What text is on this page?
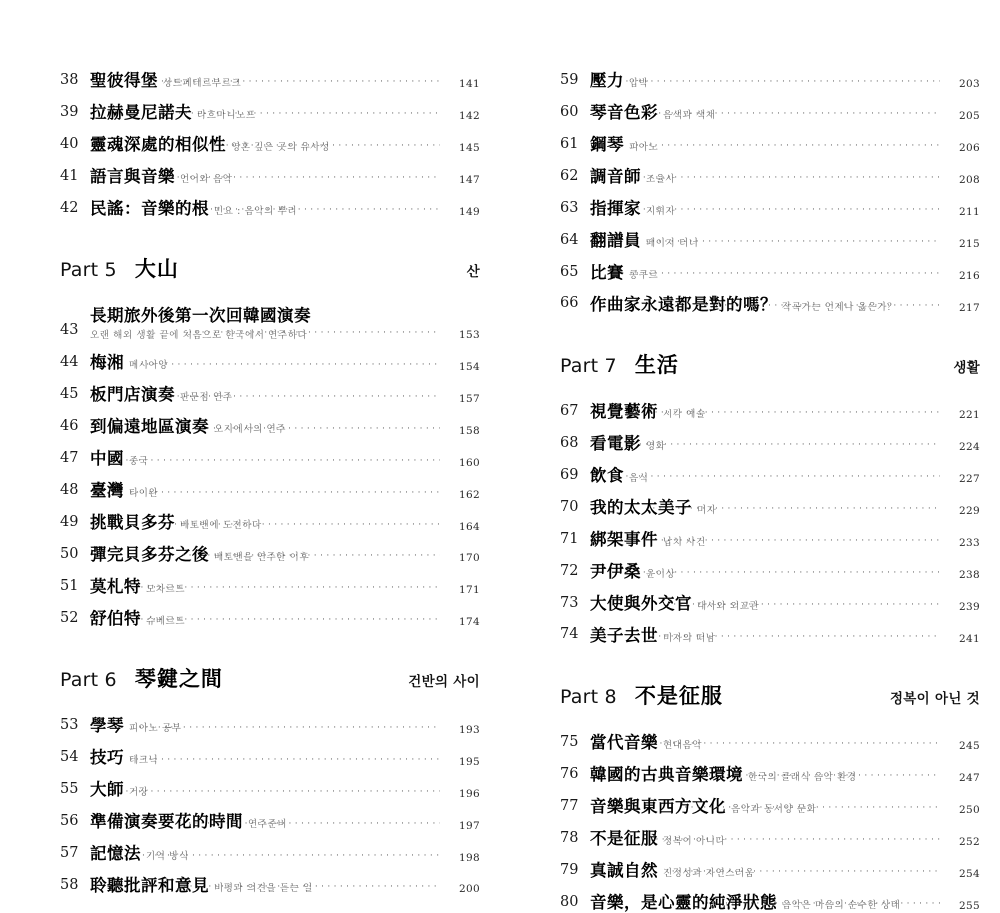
38 聖彼得堡 상트페테르부르크 ·····	141
39 拉赫曼尼諾夫 라흐마니노프 ·····	142
40 靈魂深處的相似性 영혼 깊은 곳의 유사성 ·····	145
41 語言與音樂 언어와 음악 ·····	147
42 民謠：音樂的根 민요 : 음악의 뿌리 ·····	149
Part 5 大山	산
43
長期旅外後第一次回韓國演奏
오랜 해외 생활 끝에 처음으로 한국에서 연주하다 ·····	153
44 梅湘 메시아앙 ·····	154
45 板門店演奏 판문점 연주 ·····	157
46 到偏遠地區演奏 오지에서의 연주 ·····	158
47 中國 중국 ·····	160
48 臺灣 타이완 ·····	162
49 挑戰貝多芬 베토벤에 도전하다 ·····	164
50 彈完貝多芬之後 베토벤을 연주한 이후 ·····	170
51 莫札特 모차르트 ·····	171
52 舒伯特 슈베르트 ·····	174
Part 6 琴鍵之間	건반의 사이
53 學琴 피아노 공부 ·····	193
54 技巧 테크닉 ·····	195
55 大師 거장 ·····	196
56 準備演奏要花的時間 연주준비 ·····	197
57 記憶法 기억 방식 ·····	198
58 聆聽批評和意見 비평과 의견을 듣는 일 ·····	200
59 壓力 압박 ·····	203
60 琴音色彩 음색과 색채 ·····	205
61 鋼琴 피아노 ·····	206
62 調音師 조율사 ·····	208
63 指揮家 지휘자 ·····	211
64 翻譜員 페이지 터너 ·····	215
65 比賽 콩쿠르 ·····	216
66 作曲家永遠都是對的嗎？ 작곡가는 언제나 옳은가？ ·····	217
Part 7 生活	생활
67 視覺藝術 시각 예술 ·····	221
68 看電影 영화 ·····	224
69 飲食 음식 ·····	227
70 我的太太美子 미자 ·····	229
71 綁架事件 납치 사건 ·····	233
72 尹伊桑 윤이상 ·····	238
73 大使與外交官 대사와 외교관 ·····	239
74 美子去世 미자의 떠남 ·····	241
Part 8 不是征服	정복이 아닌 것
75 當代音樂 현대음악 ·····	245
76 韓國的古典音樂環境 한국의 클래식 음악 환경 ·····	247
77 音樂與東西方文化 음악과 동서양 문화 ·····	250
78 不是征服 정복이 아니다 ·····	252
79 真誠自然 진정성과 자연스러움 ·····	254
80 音樂，是心靈的純淨狀態 음악은 마음의 순수한 상태 ·····	255
